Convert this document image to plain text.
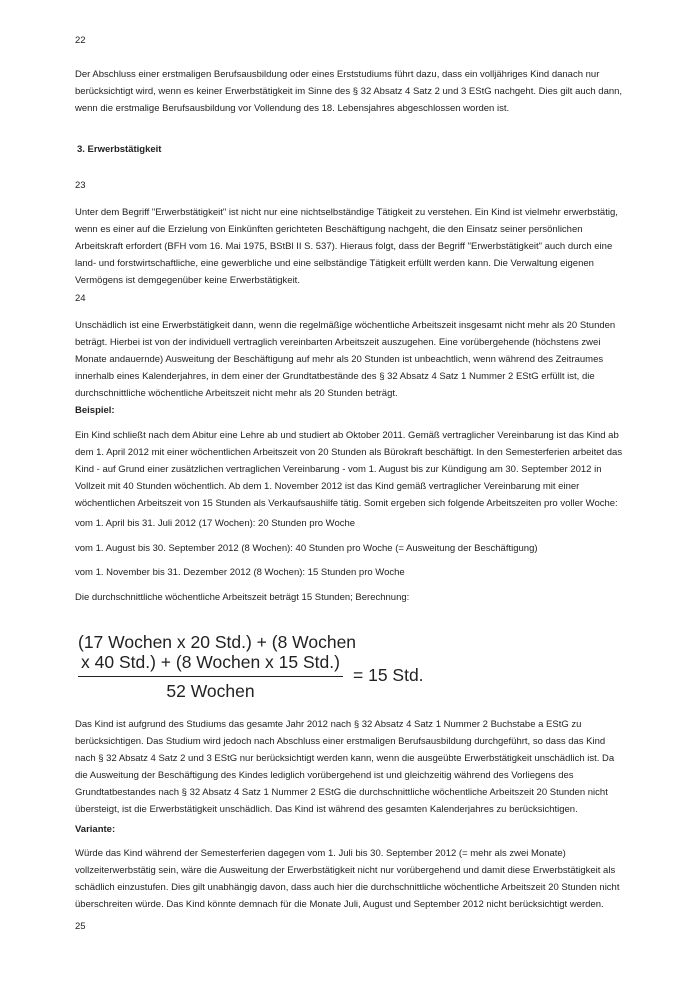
22

Der Abschluss einer erstmaligen Berufsausbildung oder eines Erststudiums führt dazu, dass ein volljähriges Kind danach nur berücksichtigt wird, wenn es keiner Erwerbstätigkeit im Sinne des § 32 Absatz 4 Satz 2 und 3 EStG nachgeht. Dies gilt auch dann, wenn die erstmalige Berufsausbildung vor Vollendung des 18. Lebensjahres abgeschlossen worden ist.

3. Erwerbstätigkeit

23

Unter dem Begriff "Erwerbstätigkeit" ist nicht nur eine nichtselbständige Tätigkeit zu verstehen. Ein Kind ist vielmehr erwerbstätig, wenn es einer auf die Erzielung von Einkünften gerichteten Beschäftigung nachgeht, die den Einsatz seiner persönlichen Arbeitskraft erfordert (BFH vom 16. Mai 1975, BStBl II S. 537). Hieraus folgt, dass der Begriff "Erwerbstätigkeit" auch durch eine land- und forstwirtschaftliche, eine gewerbliche und eine selbständige Tätigkeit erfüllt werden kann. Die Verwaltung eigenen Vermögens ist demgegenüber keine Erwerbstätigkeit.

24

Unschädlich ist eine Erwerbstätigkeit dann, wenn die regelmäßige wöchentliche Arbeitszeit insgesamt nicht mehr als 20 Stunden beträgt. Hierbei ist von der individuell vertraglich vereinbarten Arbeitszeit auszugehen. Eine vorübergehende (höchstens zwei Monate andauernde) Ausweitung der Beschäftigung auf mehr als 20 Stunden ist unbeachtlich, wenn während des Zeitraumes innerhalb eines Kalenderjahres, in dem einer der Grundtatbestände des § 32 Absatz 4 Satz 1 Nummer 2 EStG erfüllt ist, die durchschnittliche wöchentliche Arbeitszeit nicht mehr als 20 Stunden beträgt.

Beispiel:

Ein Kind schließt nach dem Abitur eine Lehre ab und studiert ab Oktober 2011. Gemäß vertraglicher Vereinbarung ist das Kind ab dem 1. April 2012 mit einer wöchentlichen Arbeitszeit von 20 Stunden als Bürokraft beschäftigt. In den Semesterferien arbeitet das Kind - auf Grund einer zusätzlichen vertraglichen Vereinbarung - vom 1. August bis zur Kündigung am 30. September 2012 in Vollzeit mit 40 Stunden wöchentlich. Ab dem 1. November 2012 ist das Kind gemäß vertraglicher Vereinbarung mit einer wöchentlichen Arbeitszeit von 15 Stunden als Verkaufsaushilfe tätig. Somit ergeben sich folgende Arbeitszeiten pro voller Woche:

vom 1. April bis 31. Juli 2012 (17 Wochen): 20 Stunden pro Woche

vom 1. August bis 30. September 2012 (8 Wochen): 40 Stunden pro Woche (= Ausweitung der Beschäftigung)

vom 1. November bis 31. Dezember 2012 (8 Wochen): 15 Stunden pro Woche

Die durchschnittliche wöchentliche Arbeitszeit beträgt 15 Stunden; Berechnung:

(17 Wochen x 20 Std.) + (8 Wochen
x 40 Std.) + (8 Wochen x 15 Std.)
52 Wochen
= 15 Std.

Das Kind ist aufgrund des Studiums das gesamte Jahr 2012 nach § 32 Absatz 4 Satz 1 Nummer 2 Buchstabe a EStG zu berücksichtigen. Das Studium wird jedoch nach Abschluss einer erstmaligen Berufsausbildung durchgeführt, so dass das Kind nach § 32 Absatz 4 Satz 2 und 3 EStG nur berücksichtigt werden kann, wenn die ausgeübte Erwerbstätigkeit unschädlich ist. Da die Ausweitung der Beschäftigung des Kindes lediglich vorübergehend ist und gleichzeitig während des Vorliegens des Grundtatbestandes nach § 32 Absatz 4 Satz 1 Nummer 2 EStG die durchschnittliche wöchentliche Arbeitszeit 20 Stunden nicht übersteigt, ist die Erwerbstätigkeit unschädlich. Das Kind ist während des gesamten Kalenderjahres zu berücksichtigen.

Variante:

Würde das Kind während der Semesterferien dagegen vom 1. Juli bis 30. September 2012 (= mehr als zwei Monate) vollzeiterwerbstätig sein, wäre die Ausweitung der Erwerbstätigkeit nicht nur vorübergehend und damit diese Erwerbstätigkeit als schädlich einzustufen. Dies gilt unabhängig davon, dass auch hier die durchschnittliche wöchentliche Arbeitszeit 20 Stunden nicht überschreiten würde. Das Kind könnte demnach für die Monate Juli, August und September 2012 nicht berücksichtigt werden.

25
